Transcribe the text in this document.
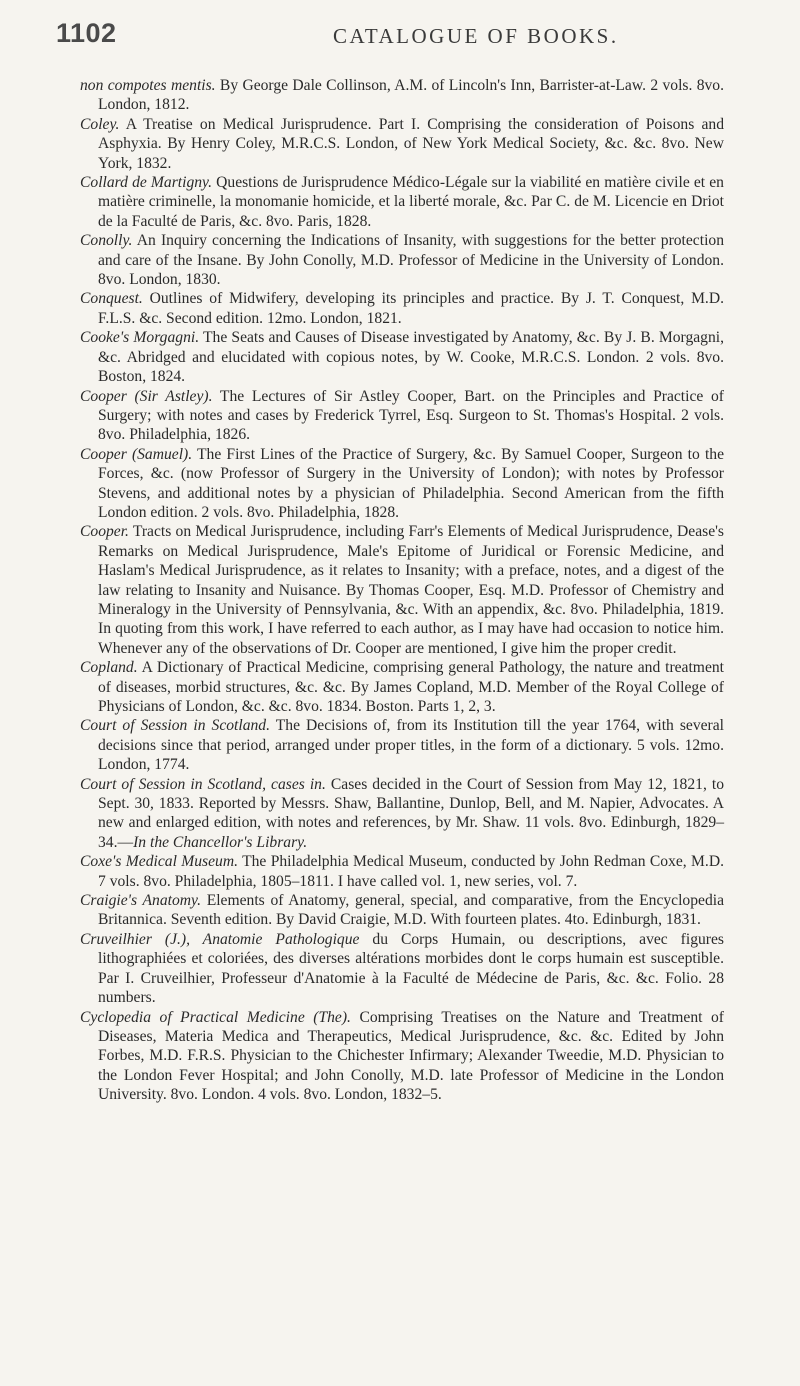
1102	CATALOGUE OF BOOKS.

non compotes mentis. By George Dale Collinson, A.M. of Lincoln's Inn, Barrister-at-Law. 2 vols. 8vo. London, 1812.

Coley. A Treatise on Medical Jurisprudence. Part I. Comprising the consideration of Poisons and Asphyxia. By Henry Coley, M.R.C.S. London, of New York Medical Society, &c. &c. 8vo. New York, 1832.

Collard de Martigny. Questions de Jurisprudence Médico-Légale sur la viabilité en matière civile et en matière criminelle, la monomanie homicide, et la liberté morale, &c. Par C. de M. Licencie en Driot de la Faculté de Paris, &c. 8vo. Paris, 1828.

Conolly. An Inquiry concerning the Indications of Insanity, with suggestions for the better protection and care of the Insane. By John Conolly, M.D. Professor of Medicine in the University of London. 8vo. London, 1830.

Conquest. Outlines of Midwifery, developing its principles and practice. By J. T. Conquest, M.D. F.L.S. &c. Second edition. 12mo. London, 1821.

Cooke's Morgagni. The Seats and Causes of Disease investigated by Anatomy, &c. By J. B. Morgagni, &c. Abridged and elucidated with copious notes, by W. Cooke, M.R.C.S. London. 2 vols. 8vo. Boston, 1824.

Cooper (Sir Astley). The Lectures of Sir Astley Cooper, Bart. on the Principles and Practice of Surgery; with notes and cases by Frederick Tyrrel, Esq. Surgeon to St. Thomas's Hospital. 2 vols. 8vo. Philadelphia, 1826.

Cooper (Samuel). The First Lines of the Practice of Surgery, &c. By Samuel Cooper, Surgeon to the Forces, &c. (now Professor of Surgery in the University of London); with notes by Professor Stevens, and additional notes by a physician of Philadelphia. Second American from the fifth London edition. 2 vols. 8vo. Philadelphia, 1828.

Cooper. Tracts on Medical Jurisprudence, including Farr's Elements of Medical Jurisprudence, Dease's Remarks on Medical Jurisprudence, Male's Epitome of Juridical or Forensic Medicine, and Haslam's Medical Jurisprudence, as it relates to Insanity; with a preface, notes, and a digest of the law relating to Insanity and Nuisance. By Thomas Cooper, Esq. M.D. Professor of Chemistry and Mineralogy in the University of Pennsylvania, &c. With an appendix, &c. 8vo. Philadelphia, 1819. In quoting from this work, I have referred to each author, as I may have had occasion to notice him. Whenever any of the observations of Dr. Cooper are mentioned, I give him the proper credit.

Copland. A Dictionary of Practical Medicine, comprising general Pathology, the nature and treatment of diseases, morbid structures, &c. &c. By James Copland, M.D. Member of the Royal College of Physicians of London, &c. &c. 8vo. 1834. Boston. Parts 1, 2, 3.

Court of Session in Scotland. The Decisions of, from its Institution till the year 1764, with several decisions since that period, arranged under proper titles, in the form of a dictionary. 5 vols. 12mo. London, 1774.

Court of Session in Scotland, cases in. Cases decided in the Court of Session from May 12, 1821, to Sept. 30, 1833. Reported by Messrs. Shaw, Ballantine, Dunlop, Bell, and M. Napier, Advocates. A new and enlarged edition, with notes and references, by Mr. Shaw. 11 vols. 8vo. Edinburgh, 1829–34.—In the Chancellor's Library.

Coxe's Medical Museum. The Philadelphia Medical Museum, conducted by John Redman Coxe, M.D. 7 vols. 8vo. Philadelphia, 1805–1811. I have called vol. 1, new series, vol. 7.

Craigie's Anatomy. Elements of Anatomy, general, special, and comparative, from the Encyclopedia Britannica. Seventh edition. By David Craigie, M.D. With fourteen plates. 4to. Edinburgh, 1831.

Cruveilhier (J.), Anatomie Pathologique du Corps Humain, ou descriptions, avec figures lithographiées et coloriées, des diverses altérations morbides dont le corps humain est susceptible. Par I. Cruveilhier, Professeur d'Anatomie à la Faculté de Médecine de Paris, &c. &c. Folio. 28 numbers.

Cyclopedia of Practical Medicine (The). Comprising Treatises on the Nature and Treatment of Diseases, Materia Medica and Therapeutics, Medical Jurisprudence, &c. &c. Edited by John Forbes, M.D. F.R.S. Physician to the Chichester Infirmary; Alexander Tweedie, M.D. Physician to the London Fever Hospital; and John Conolly, M.D. late Professor of Medicine in the London University. 8vo. London. 4 vols. 8vo. London, 1832–5.
